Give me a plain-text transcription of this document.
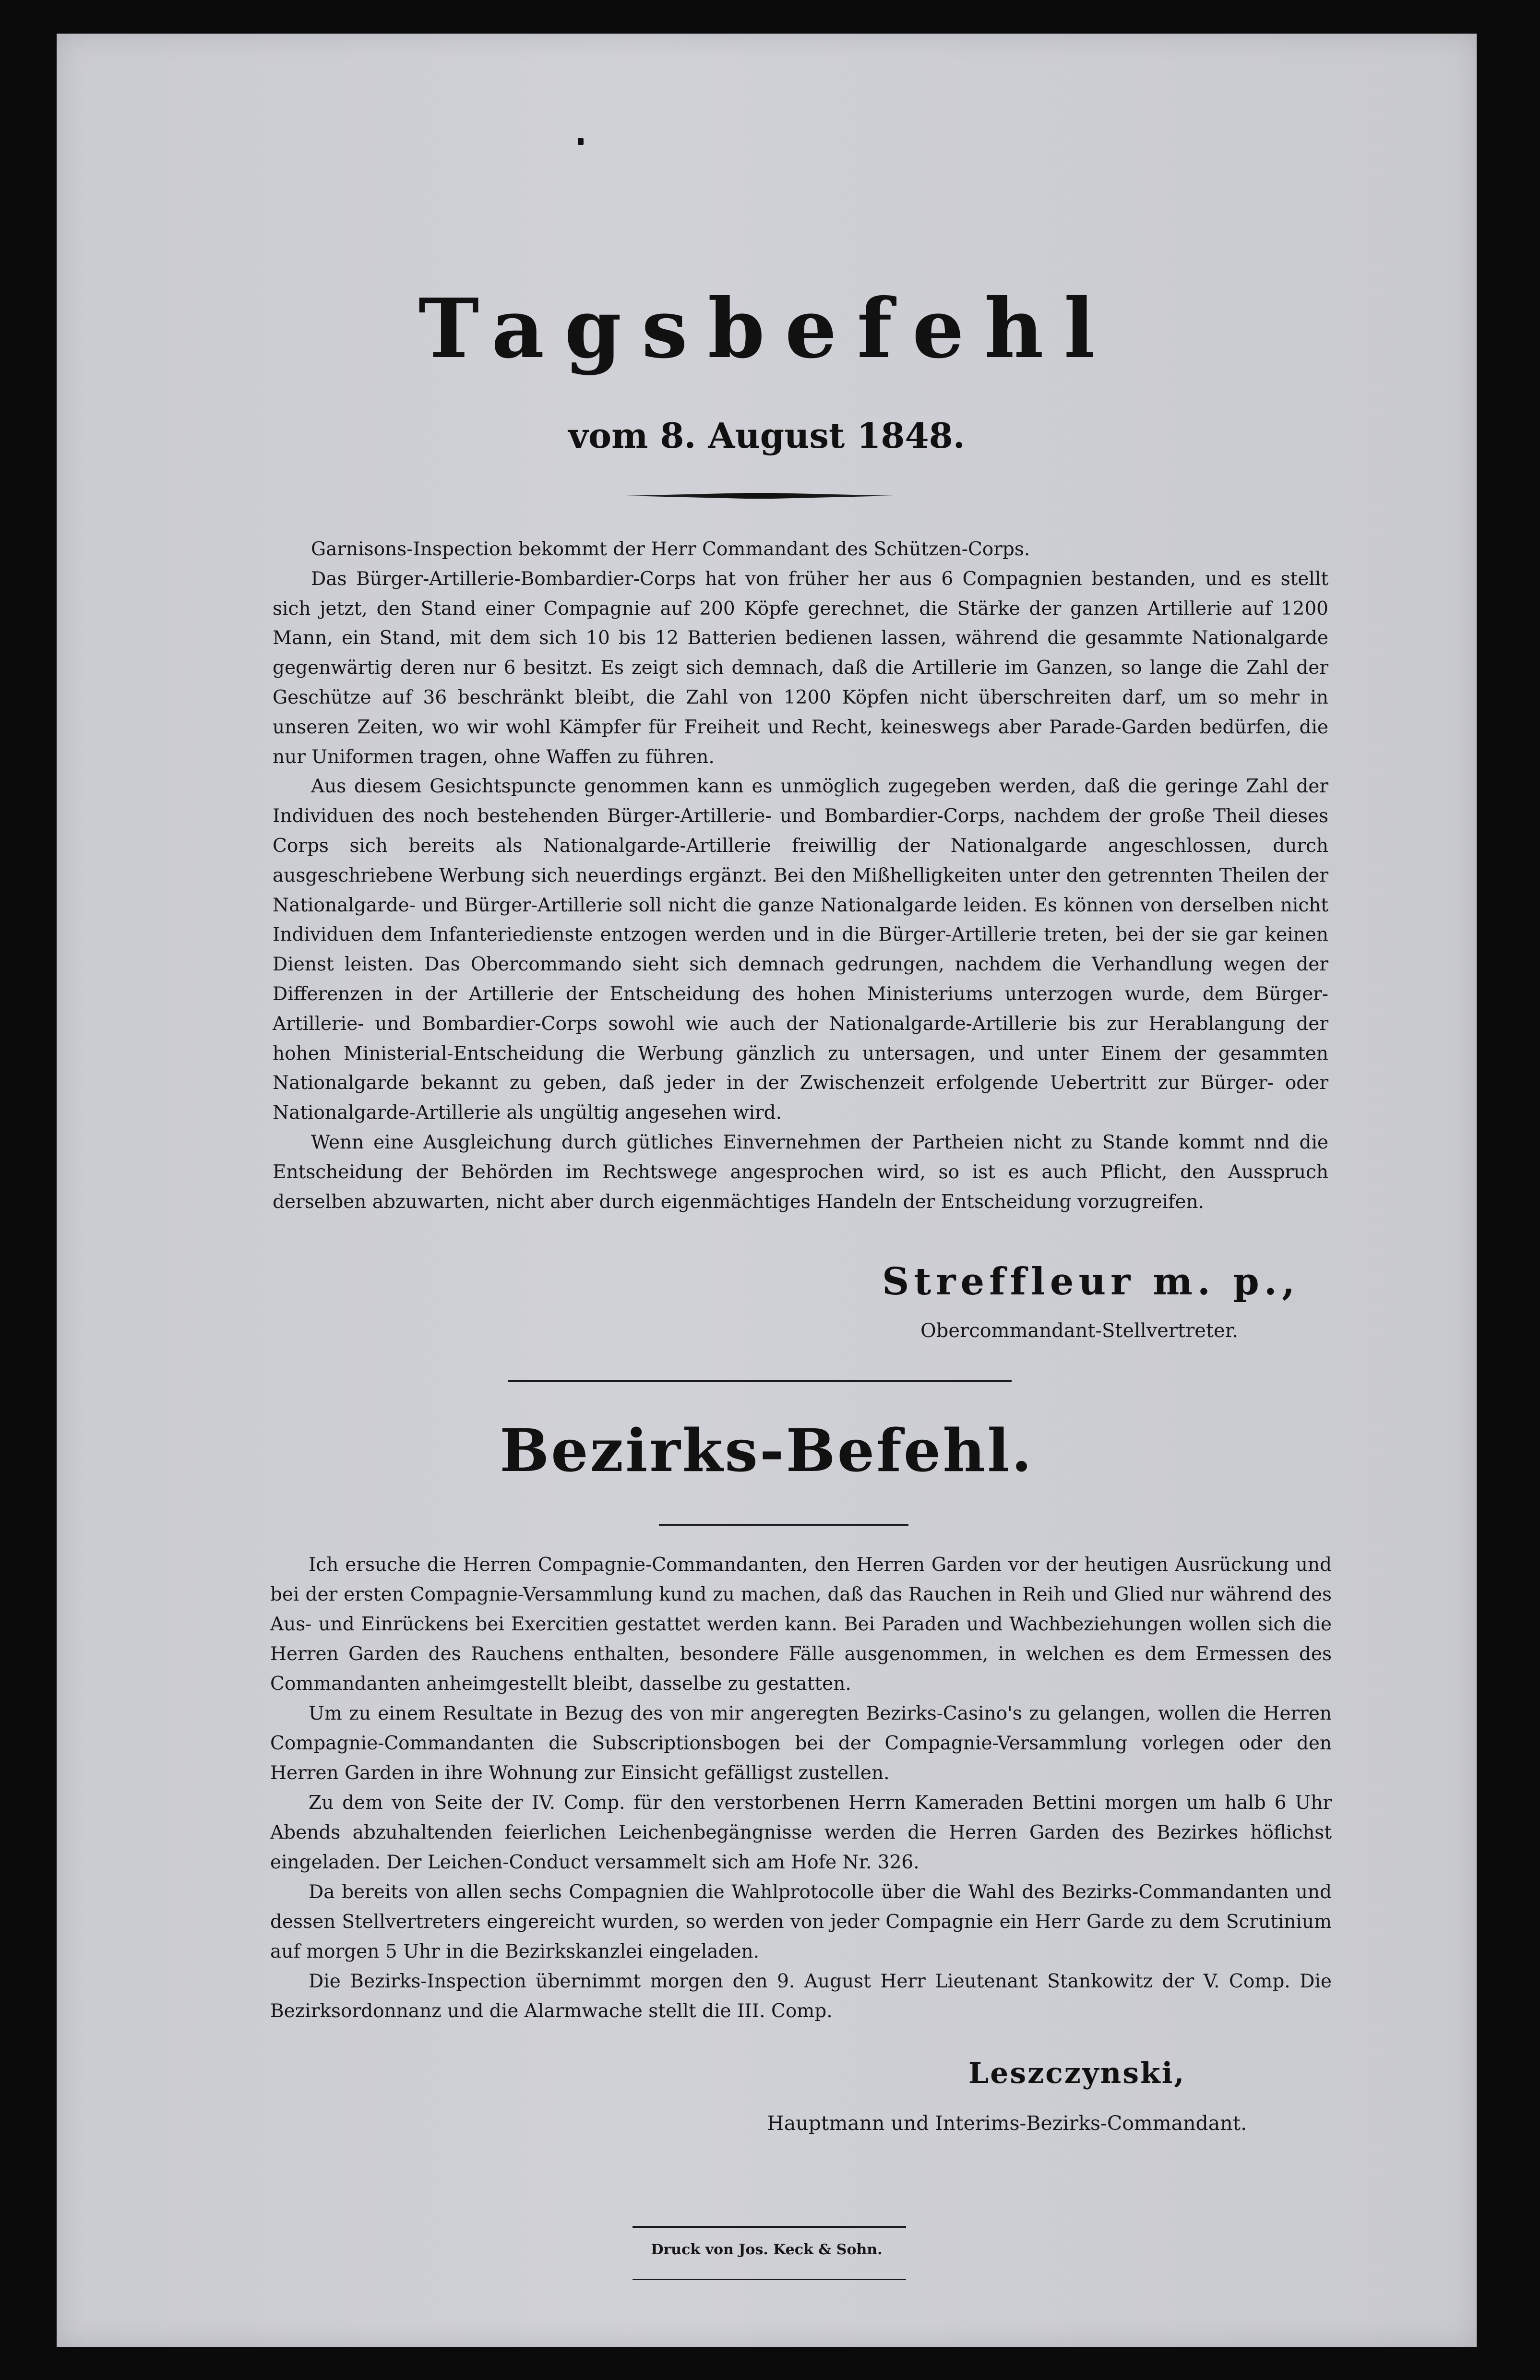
Tagsbefehl
vom 8. August 1848.

Garnisons-Inspection bekommt der Herr Commandant des Schützen-Corps.

Das Bürger-Artillerie-Bombardier-Corps hat von früher her aus 6 Compagnien bestanden, und es stellt sich jetzt, den Stand einer Compagnie auf 200 Köpfe gerechnet, die Stärke der ganzen Artillerie auf 1200 Mann, ein Stand, mit dem sich 10 bis 12 Batterien bedienen lassen, während die gesammte Nationalgarde gegenwärtig deren nur 6 besitzt. Es zeigt sich demnach, daß die Artillerie im Ganzen, so lange die Zahl der Geschütze auf 36 beschränkt bleibt, die Zahl von 1200 Köpfen nicht überschreiten darf, um so mehr in unseren Zeiten, wo wir wohl Kämpfer für Freiheit und Recht, keineswegs aber Parade-Garden bedürfen, die nur Uniformen tragen, ohne Waffen zu führen.

Aus diesem Gesichtspuncte genommen kann es unmöglich zugegeben werden, daß die geringe Zahl der Individuen des noch bestehenden Bürger-Artillerie- und Bombardier-Corps, nachdem der große Theil dieses Corps sich bereits als Nationalgarde-Artillerie freiwillig der Nationalgarde angeschlossen, durch ausgeschriebene Werbung sich neuerdings ergänzt. Bei den Mißhelligkeiten unter den getrennten Theilen der Nationalgarde- und Bürger-Artillerie soll nicht die ganze Nationalgarde leiden. Es können von derselben nicht Individuen dem Infanteriedienste entzogen werden und in die Bürger-Artillerie treten, bei der sie gar keinen Dienst leisten. Das Obercommando sieht sich demnach gedrungen, nachdem die Verhandlung wegen der Differenzen in der Artillerie der Entscheidung des hohen Ministeriums unterzogen wurde, dem Bürger-Artillerie- und Bombardier-Corps sowohl wie auch der Nationalgarde-Artillerie bis zur Herablangung der hohen Ministerial-Entscheidung die Werbung gänzlich zu untersagen, und unter Einem der gesammten Nationalgarde bekannt zu geben, daß jeder in der Zwischenzeit erfolgende Uebertritt zur Bürger- oder Nationalgarde-Artillerie als ungültig angesehen wird.

Wenn eine Ausgleichung durch gütliches Einvernehmen der Partheien nicht zu Stande kommt nnd die Entscheidung der Behörden im Rechtswege angesprochen wird, so ist es auch Pflicht, den Ausspruch derselben abzuwarten, nicht aber durch eigenmächtiges Handeln der Entscheidung vorzugreifen.

Streffleur m. p.,
Obercommandant-Stellvertreter.
Bezirks-Befehl.

Ich ersuche die Herren Compagnie-Commandanten, den Herren Garden vor der heutigen Ausrückung und bei der ersten Compagnie-Versammlung kund zu machen, daß das Rauchen in Reih und Glied nur während des Aus- und Einrückens bei Exercitien gestattet werden kann. Bei Paraden und Wachbeziehungen wollen sich die Herren Garden des Rauchens enthalten, besondere Fälle ausgenommen, in welchen es dem Ermessen des Commandanten anheimgestellt bleibt, dasselbe zu gestatten.

Um zu einem Resultate in Bezug des von mir angeregten Bezirks-Casino's zu gelangen, wollen die Herren Compagnie-Commandanten die Subscriptionsbogen bei der Compagnie-Versammlung vorlegen oder den Herren Garden in ihre Wohnung zur Einsicht gefälligst zustellen.

Zu dem von Seite der IV. Comp. für den verstorbenen Herrn Kameraden Bettini morgen um halb 6 Uhr Abends abzuhaltenden feierlichen Leichenbegängnisse werden die Herren Garden des Bezirkes höflichst eingeladen. Der Leichen-Conduct versammelt sich am Hofe Nr. 326.

Da bereits von allen sechs Compagnien die Wahlprotocolle über die Wahl des Bezirks-Commandanten und dessen Stellvertreters eingereicht wurden, so werden von jeder Compagnie ein Herr Garde zu dem Scrutinium auf morgen 5 Uhr in die Bezirkskanzlei eingeladen.

Die Bezirks-Inspection übernimmt morgen den 9. August Herr Lieutenant Stankowitz der V. Comp. Die Bezirksordonnanz und die Alarmwache stellt die III. Comp.

Leszczynski,
Hauptmann und Interims-Bezirks-Commandant.
Druck von Jos. Keck & Sohn.
